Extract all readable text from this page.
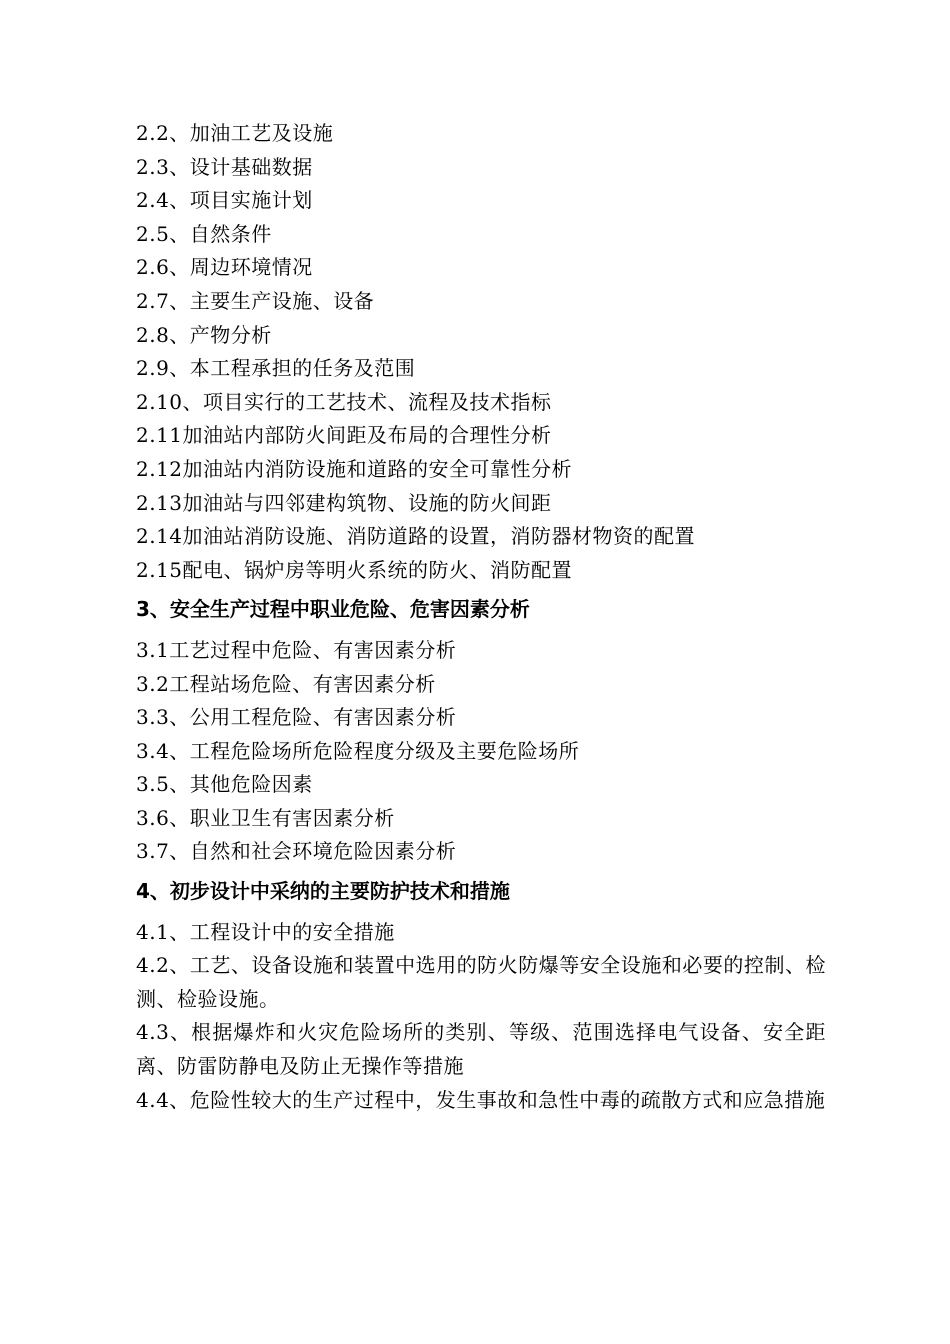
2.2、加油工艺及设施
2.3、设计基础数据
2.4、项目实施计划
2.5、自然条件
2.6、周边环境情况
2.7、主要生产设施、设备
2.8、产物分析
2.9、本工程承担的任务及范围
2.10、项目实行的工艺技术、流程及技术指标
2.11加油站内部防火间距及布局的合理性分析
2.12加油站内消防设施和道路的安全可靠性分析
2.13加油站与四邻建构筑物、设施的防火间距
2.14加油站消防设施、消防道路的设置，消防器材物资的配置
2.15配电、锅炉房等明火系统的防火、消防配置
3、安全生产过程中职业危险、危害因素分析
3.1工艺过程中危险、有害因素分析
3.2工程站场危险、有害因素分析
3.3、公用工程危险、有害因素分析
3.4、工程危险场所危险程度分级及主要危险场所
3.5、其他危险因素
3.6、职业卫生有害因素分析
3.7、自然和社会环境危险因素分析
4、初步设计中采纳的主要防护技术和措施
4.1、工程设计中的安全措施
4.2、工艺、设备设施和装置中选用的防火防爆等安全设施和必要的控制、检测、检验设施。
4.3、根据爆炸和火灾危险场所的类别、等级、范围选择电气设备、安全距离、防雷防静电及防止无操作等措施
4.4、危险性较大的生产过程中，发生事故和急性中毒的疏散方式和应急措施
